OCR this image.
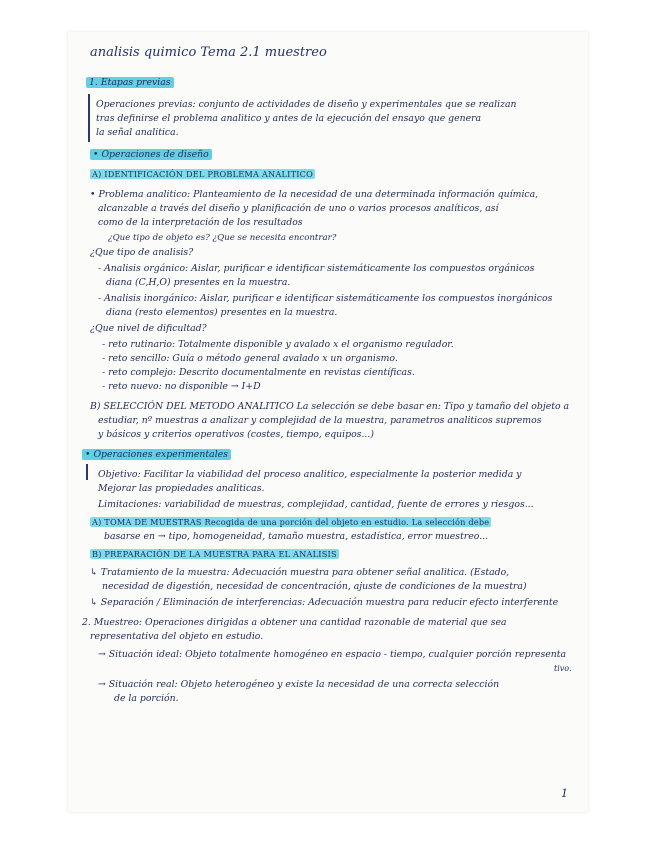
analisis quimico Tema 2.1 muestreo
1. Etapas previas
Operaciones previas: conjunto de actividades de diseño y experimentales que se realizan
tras definirse el problema analitico y antes de la ejecución del ensayo que genera
la señal analitica.
• Operaciones de diseño
A) IDENTIFICACIÓN DEL PROBLEMA ANALITICO
• Problema analitico: Planteamiento de la necesidad de una determinada información química,
alcanzable a través del diseño y planificación de uno o varios procesos analíticos, así
como de la interpretación de los resultados
¿Que tipo de objeto es? ¿Que se necesita encontrar?
¿Que tipo de analisis?
- Analisis orgánico: Aislar, purificar e identificar sistemáticamente los compuestos orgánicos
diana (C,H,O) presentes en la muestra.
- Analisis inorgánico: Aislar, purificar e identificar sistemáticamente los compuestos inorgánicos
diana (resto elementos) presentes en la muestra.
¿Que nivel de dificultad?
- reto rutinario: Totalmente disponible y avalado x el organismo regulador.
- reto sencillo: Guía o método general avalado x un organismo.
- reto complejo: Descrito documentalmente en revistas científicas.
- reto nuevo: no disponible → I+D
B) SELECCIÓN DEL METODO ANALITICO La selección se debe basar en: Tipo y tamaño del objeto a
estudiar, nº muestras a analizar y complejidad de la muestra, parametros analiticos supremos
y básicos y criterios operativos (costes, tiempo, equipos...)
• Operaciones experimentales
Objetivo: Facilitar la viabilidad del proceso analitico, especialmente la posterior medida y
Mejorar las propiedades analiticas.
Limitaciones: variabilidad de muestras, complejidad, cantidad, fuente de errores y riesgos...
A) TOMA DE MUESTRAS Recogida de una porción del objeto en estudio. La selección debe
basarse en → tipo, homogeneidad, tamaño muestra, estadística, error muestreo...
B) PREPARACIÓN DE LA MUESTRA PARA EL ANALISIS
↳ Tratamiento de la muestra: Adecuación muestra para obtener señal analitica. (Estado,
necesidad de digestión, necesidad de concentración, ajuste de condiciones de la muestra)
↳ Separación / Eliminación de interferencias: Adecuación muestra para reducir efecto interferente
2. Muestreo: Operaciones dirigidas a obtener una cantidad razonable de material que sea
representativa del objeto en estudio.
→ Situación ideal: Objeto totalmente homogéneo en espacio - tiempo, cualquier porción representa
tivo.
→ Situación real: Objeto heterogéneo y existe la necesidad de una correcta selección
de la porción.
1
